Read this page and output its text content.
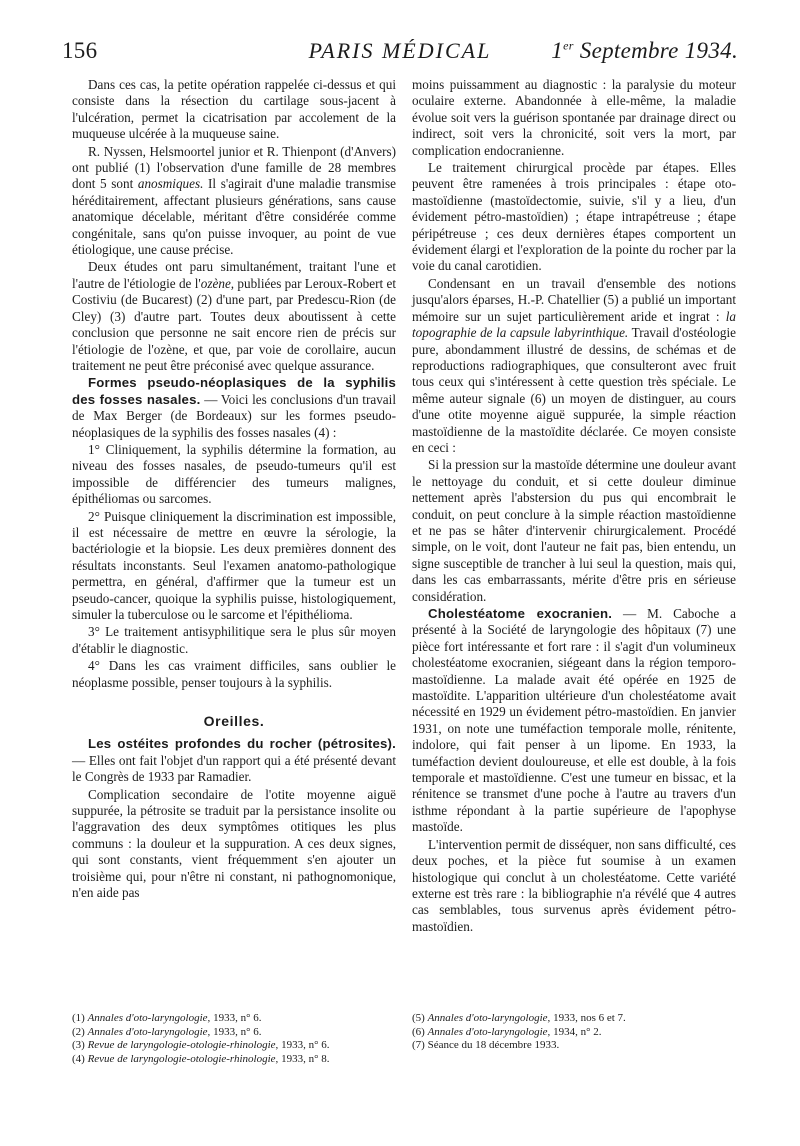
156	PARIS MÉDICAL	1er Septembre 1934.

Dans ces cas, la petite opération rappelée ci-dessus et qui consiste dans la résection du cartilage sous-jacent à l'ulcération, permet la cicatrisation par accolement de la muqueuse ulcérée à la muqueuse saine.

R. Nyssen, Helsmoortel junior et R. Thienpont (d'Anvers) ont publié (1) l'observation d'une famille de 28 membres dont 5 sont anosmiques. Il s'agirait d'une maladie transmise héréditairement, affectant plusieurs générations, sans cause anatomique décelable, méritant d'être considérée comme congénitale, sans qu'on puisse invoquer, au point de vue étiologique, une cause précise.

Deux études ont paru simultanément, traitant l'une et l'autre de l'étiologie de l'ozène, publiées par Leroux-Robert et Costiviu (de Bucarest) (2) d'une part, par Predescu-Rion (de Cley) (3) d'autre part. Toutes deux aboutissent à cette conclusion que personne ne sait encore rien de précis sur l'étiologie de l'ozène, et que, par voie de corollaire, aucun traitement ne peut être préconisé avec quelque assurance.

Formes pseudo-néoplasiques de la syphilis des fosses nasales. — Voici les conclusions d'un travail de Max Berger (de Bordeaux) sur les formes pseudo-néoplasiques de la syphilis des fosses nasales (4) :

1° Cliniquement, la syphilis détermine la formation, au niveau des fosses nasales, de pseudo-tumeurs qu'il est impossible de différencier des tumeurs malignes, épithéliomas ou sarcomes.

2° Puisque cliniquement la discrimination est impossible, il est nécessaire de mettre en œuvre la sérologie, la bactériologie et la biopsie. Les deux premières donnent des résultats inconstants. Seul l'examen anatomo-pathologique permettra, en général, d'affirmer que la tumeur est un pseudo-cancer, quoique la syphilis puisse, histologiquement, simuler la tuberculose ou le sarcome et l'épithélioma.

3° Le traitement antisyphilitique sera le plus sûr moyen d'établir le diagnostic.

4° Dans les cas vraiment difficiles, sans oublier le néoplasme possible, penser toujours à la syphilis.

Oreilles.

Les ostéites profondes du rocher (pétrosites). — Elles ont fait l'objet d'un rapport qui a été présenté devant le Congrès de 1933 par Ramadier.

Complication secondaire de l'otite moyenne aiguë suppurée, la pétrosite se traduit par la persistance insolite ou l'aggravation des deux symptômes otitiques les plus communs : la douleur et la suppuration. A ces deux signes, qui sont constants, vient fréquemment s'en ajouter un troisième qui, pour n'être ni constant, ni pathognomonique, n'en aide pas

moins puissamment au diagnostic : la paralysie du moteur oculaire externe. Abandonnée à elle-même, la maladie évolue soit vers la guérison spontanée par drainage direct ou indirect, soit vers la chronicité, soit vers la mort, par complication endocranienne.

Le traitement chirurgical procède par étapes. Elles peuvent être ramenées à trois principales : étape oto-mastoïdienne (mastoïdectomie, suivie, s'il y a lieu, d'un évidement pétro-mastoïdien) ; étape intrapétreuse ; étape péripétreuse ; ces deux dernières étapes comportent un évidement élargi et l'exploration de la pointe du rocher par la voie du canal carotidien.

Condensant en un travail d'ensemble des notions jusqu'alors éparses, H.-P. Chatellier (5) a publié un important mémoire sur un sujet particulièrement aride et ingrat : la topographie de la capsule labyrinthique. Travail d'ostéologie pure, abondamment illustré de dessins, de schémas et de reproductions radiographiques, que consulteront avec fruit tous ceux qui s'intéressent à cette question très spéciale. Le même auteur signale (6) un moyen de distinguer, au cours d'une otite moyenne aiguë suppurée, la simple réaction mastoïdienne de la mastoïdite déclarée. Ce moyen consiste en ceci :

Si la pression sur la mastoïde détermine une douleur avant le nettoyage du conduit, et si cette douleur diminue nettement après l'abstersion du pus qui encombrait le conduit, on peut conclure à la simple réaction mastoïdienne et ne pas se hâter d'intervenir chirurgicalement. Procédé simple, on le voit, dont l'auteur ne fait pas, bien entendu, un signe susceptible de trancher à lui seul la question, mais qui, dans les cas embarrassants, mérite d'être pris en sérieuse considération.

Cholestéatome exocranien. — M. Caboche a présenté à la Société de laryngologie des hôpitaux (7) une pièce fort intéressante et fort rare : il s'agit d'un volumineux cholestéatome exocranien, siégeant dans la région temporo-mastoïdienne. La malade avait été opérée en 1925 de mastoïdite. L'apparition ultérieure d'un cholestéatome avait nécessité en 1929 un évidement pétro-mastoïdien. En janvier 1931, on note une tuméfaction temporale molle, rénitente, indolore, qui fait penser à un lipome. En 1933, la tuméfaction devient douloureuse, et elle est double, à la fois temporale et mastoïdienne. C'est une tumeur en bissac, et la rénitence se transmet d'une poche à l'autre au travers d'un isthme répondant à la partie supérieure de l'apophyse mastoïde.

L'intervention permit de disséquer, non sans difficulté, ces deux poches, et la pièce fut soumise à un examen histologique qui conclut à un cholestéatome. Cette variété externe est très rare : la bibliographie n'a révélé que 4 autres cas semblables, tous survenus après évidement pétro-mastoïdien.

(1) Annales d'oto-laryngologie, 1933, n° 6.

(2) Annales d'oto-laryngologie, 1933, n° 6.

(3) Revue de laryngologie-otologie-rhinologie, 1933, n° 6.

(4) Revue de laryngologie-otologie-rhinologie, 1933, n° 8.

(5) Annales d'oto-laryngologie, 1933, nos 6 et 7.

(6) Annales d'oto-laryngologie, 1934, n° 2.

(7) Séance du 18 décembre 1933.
